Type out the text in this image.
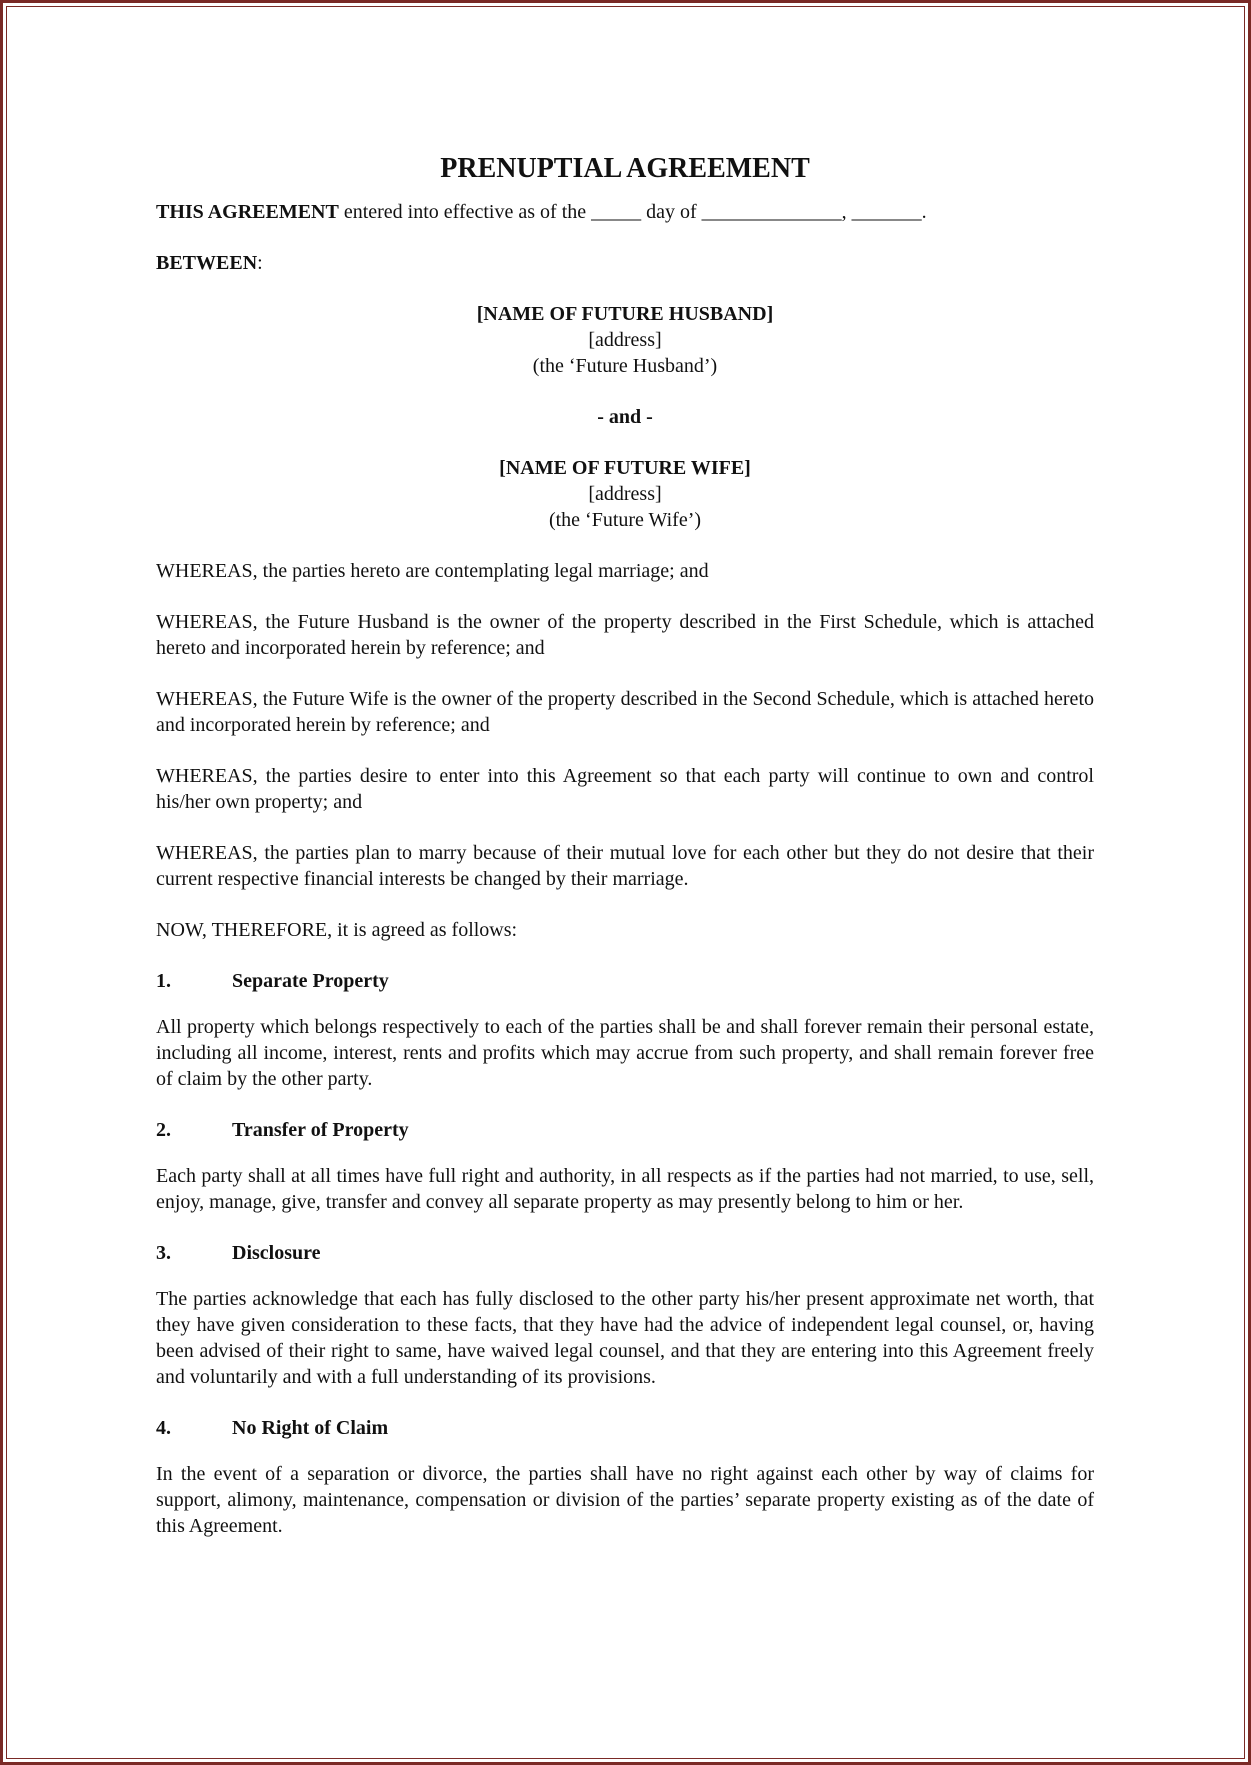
PRENUPTIAL AGREEMENT

THIS AGREEMENT entered into effective as of the _____ day of ______________, _______.

BETWEEN:

[NAME OF FUTURE HUSBAND]
[address]
(the ‘Future Husband’)
- and -
[NAME OF FUTURE WIFE]
[address]
(the ‘Future Wife’)

WHEREAS, the parties hereto are contemplating legal marriage; and

WHEREAS, the Future Husband is the owner of the property described in the First Schedule, which is attached hereto and incorporated herein by reference; and

WHEREAS, the Future Wife is the owner of the property described in the Second Schedule, which is attached hereto and incorporated herein by reference; and

WHEREAS, the parties desire to enter into this Agreement so that each party will continue to own and control his/her own property; and

WHEREAS, the parties plan to marry because of their mutual love for each other but they do not desire that their current respective financial interests be changed by their marriage.

NOW, THEREFORE, it is agreed as follows:

1.	Separate Property

All property which belongs respectively to each of the parties shall be and shall forever remain their personal estate, including all income, interest, rents and profits which may accrue from such property, and shall remain forever free of claim by the other party.

2.	Transfer of Property

Each party shall at all times have full right and authority, in all respects as if the parties had not married, to use, sell, enjoy, manage, give, transfer and convey all separate property as may presently belong to him or her.

3.	Disclosure

The parties acknowledge that each has fully disclosed to the other party his/her present approximate net worth, that they have given consideration to these facts, that they have had the advice of independent legal counsel, or, having been advised of their right to same, have waived legal counsel, and that they are entering into this Agreement freely and voluntarily and with a full understanding of its provisions.

4.	No Right of Claim

In the event of a separation or divorce, the parties shall have no right against each other by way of claims for support, alimony, maintenance, compensation or division of the parties’ separate property existing as of the date of this Agreement.
